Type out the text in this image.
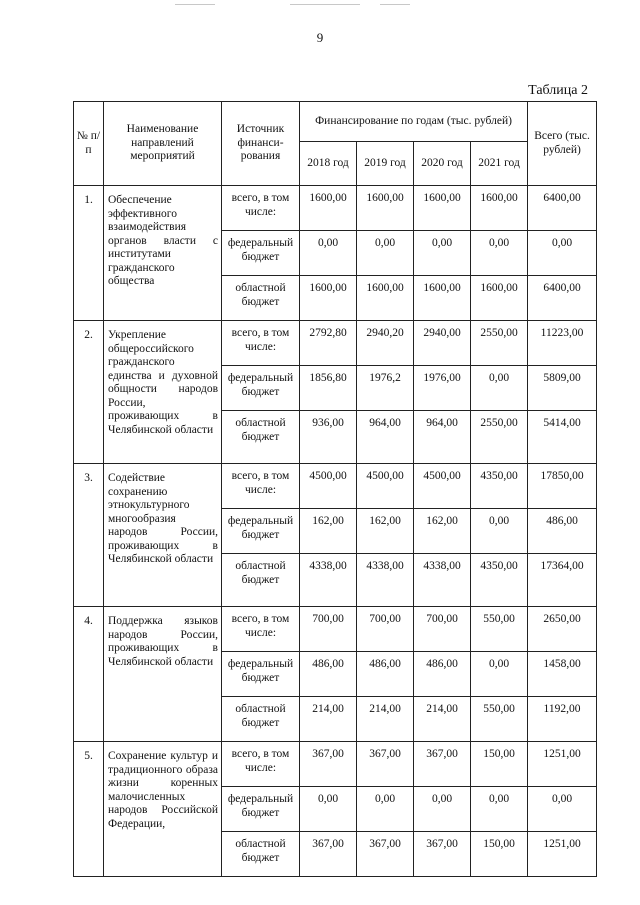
9
Таблица 2
№ п/п	Наименование направлений мероприятий	Источник финанси-рования	Финансирование по годам (тыс. рублей)				Всего (тыс. рублей)
			2018 год	2019 год	2020 год	2021 год	
1.	Обеспечение эффективного взаимодействия органов власти с институтами гражданского общества	всего, в том числе:	1600,00	1600,00	1600,00	1600,00	6400,00
		федеральный бюджет	0,00	0,00	0,00	0,00	0,00
		областной бюджет	1600,00	1600,00	1600,00	1600,00	6400,00
2.	Укрепление общероссийского гражданского единства и духовной общности народов России, проживающих в Челябинской области	всего, в том числе:	2792,80	2940,20	2940,00	2550,00	11223,00
		федеральный бюджет	1856,80	1976,2	1976,00	0,00	5809,00
		областной бюджет	936,00	964,00	964,00	2550,00	5414,00
3.	Содействие сохранению этнокультурного многообразия народов России, проживающих в Челябинской области	всего, в том числе:	4500,00	4500,00	4500,00	4350,00	17850,00
		федеральный бюджет	162,00	162,00	162,00	0,00	486,00
		областной бюджет	4338,00	4338,00	4338,00	4350,00	17364,00
4.	Поддержка языков народов России, проживающих в Челябинской области	всего, в том числе:	700,00	700,00	700,00	550,00	2650,00
		федеральный бюджет	486,00	486,00	486,00	0,00	1458,00
		областной бюджет	214,00	214,00	214,00	550,00	1192,00
5.	Сохранение культур и традиционного образа жизни коренных малочисленных народов Российской Федерации,	всего, в том числе:	367,00	367,00	367,00	150,00	1251,00
		федеральный бюджет	0,00	0,00	0,00	0,00	0,00
		областной бюджет	367,00	367,00	367,00	150,00	1251,00
